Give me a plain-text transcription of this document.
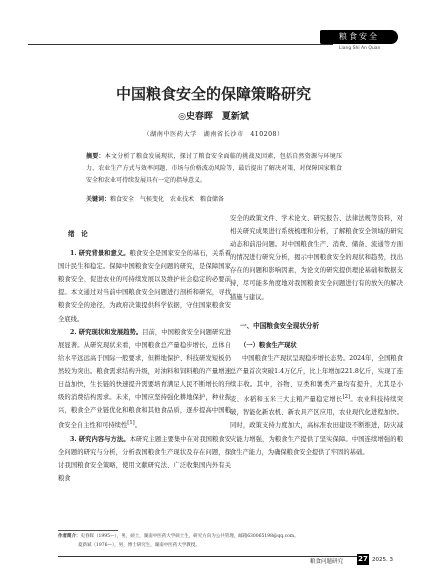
粮食安全
Liang Shi An Quan
中国粮食安全的保障策略研究
◎史春晖　夏新斌
（湖南中医药大学　湖南省长沙市　410208）
摘要：本文分析了粮食发展现状，探讨了粮食安全面临的挑战及因素，包括自然资源与环境压力、农业生产方式与效率问题、市场与价格波动风险等，最后提出了解决对策，对保障国家粮食安全和农业可持续发展具有一定的指导意义。
关键词：粮食安全　气候变化　农业技术　粮食储备
绪　论

1. 研究背景和意义。粮食安全是国家安全的基石，关系着国计民生和稳定。保障中国粮食安全问题的研究，是保障国家粮食安全、促进农业的可持续发展以及维护社会稳定的必要前提。本文通过对当前中国粮食安全问题进行剖析和研究，寻找粮食安全的途径，为政府决策提供科学依据，守住国家粮食安全底线。

2. 研究现状和发展趋势。目前，中国粮食安全问题研究进展显著。从研究现状来看，中国粮食总产量稳步增长，总体自给水平远远高于国际一般要求，但耕地保护、科技研发短板仍然较为突出。粮食需求结构升级，对油料和饲料粮的产量增速日益加快，生长链的快速提升需要培育满足人民不断增长的升级的消费结构需求。未来，中国应坚持强化耕地保护，种业振兴，粮食全产业链优化和粮食和其他食品质，逐步提高中国粮食安全自主性和可持续性[1]。

3. 研究内容与方法。本研究主题主要集中在对我国粮食安全问题的研究与分析，分析我国粮食生产现状及存在问题，探讨我国粮食安全策略，使用文献研究法、广泛收集国内外有关粮食

安全的政策文件、学术论文、研究报告、法律法规等资料，对相关研究成果进行系统梳理和分析，了解粮食安全领域的研究动态和前沿问题。对中国粮食生产、消费、储备、流通等方面的情况进行研究分析，揭示中国粮食安全的现状和趋势，找出存在的问题和影响因素，为论文的研究提供理论基础和数据支持，尽可能多角度地对我国粮食安全问题进行有的放矢的解决措施与建议。

一、中国粮食安全现状分析
（一）粮食生产现状

中国粮食生产现状呈现稳步增长态势。2024年，全国粮食总产量首次突破1.4万亿斤，比上年增加221.8亿斤，实现了连续丰收。其中，谷物、豆类和薯类产量均有提升，尤其是小麦、水稻和玉米三大主粮产量稳定增长[2]。农业科技持续突破，智能化新农机、新农具产区应用，农业现代化进程加快。同时，政策支持力度加大，高标准农田建设不断推进，防灾减灾能力增强，为粮食生产提供了坚实保障。中国连续增强的粮食生产能力，为确保粮食安全提供了牢固的基础。

作者简介：史春晖（1995—），男，硕士，湖南中医药大学硕士生，研究方向为公共管理，邮箱630065198@qq.com。
夏新斌（1976—），男，博士研究生，湖南中医药大学教授。
粮食问题研究 27 2025. 3
